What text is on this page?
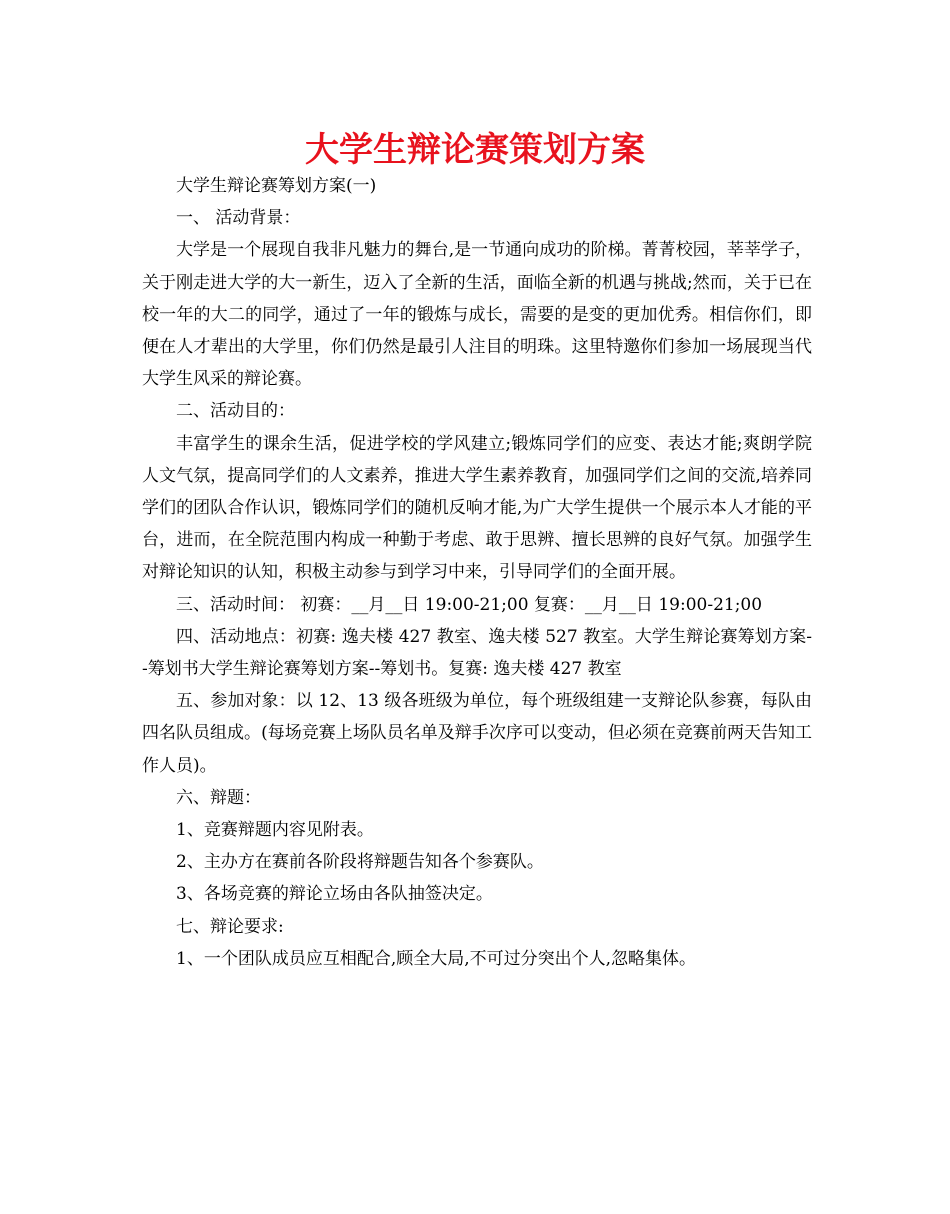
大学生辩论赛策划方案

大学生辩论赛筹划方案(一)

一、 活动背景：

大学是一个展现自我非凡魅力的舞台,是一节通向成功的阶梯。菁菁校园，莘莘学子，关于刚走进大学的大一新生，迈入了全新的生活，面临全新的机遇与挑战;然而，关于已在校一年的大二的同学，通过了一年的锻炼与成长，需要的是变的更加优秀。相信你们，即便在人才辈出的大学里，你们仍然是最引人注目的明珠。这里特邀你们参加一场展现当代大学生风采的辩论赛。

二、活动目的：

丰富学生的课余生活，促进学校的学风建立;锻炼同学们的应变、表达才能;爽朗学院人文气氛，提高同学们的人文素养，推进大学生素养教育，加强同学们之间的交流,培养同学们的团队合作认识，锻炼同学们的随机反响才能,为广大学生提供一个展示本人才能的平台，进而，在全院范围内构成一种勤于考虑、敢于思辨、擅长思辨的良好气氛。加强学生对辩论知识的认知，积极主动参与到学习中来，引导同学们的全面开展。

三、活动时间： 初赛：__月__日 19:00-21;00 复赛：__月__日 19:00-21;00

四、活动地点：初赛: 逸夫楼 427 教室、逸夫楼 527 教室。大学生辩论赛筹划方案--筹划书大学生辩论赛筹划方案--筹划书。复赛: 逸夫楼 427 教室

五、参加对象：以 12、13 级各班级为单位，每个班级组建一支辩论队参赛，每队由四名队员组成。(每场竞赛上场队员名单及辩手次序可以变动，但必须在竞赛前两天告知工作人员)。

六、辩题：

1、竞赛辩题内容见附表。

2、主办方在赛前各阶段将辩题告知各个参赛队。

3、各场竞赛的辩论立场由各队抽签决定。

七、辩论要求:

1、一个团队成员应互相配合,顾全大局,不可过分突出个人,忽略集体。
